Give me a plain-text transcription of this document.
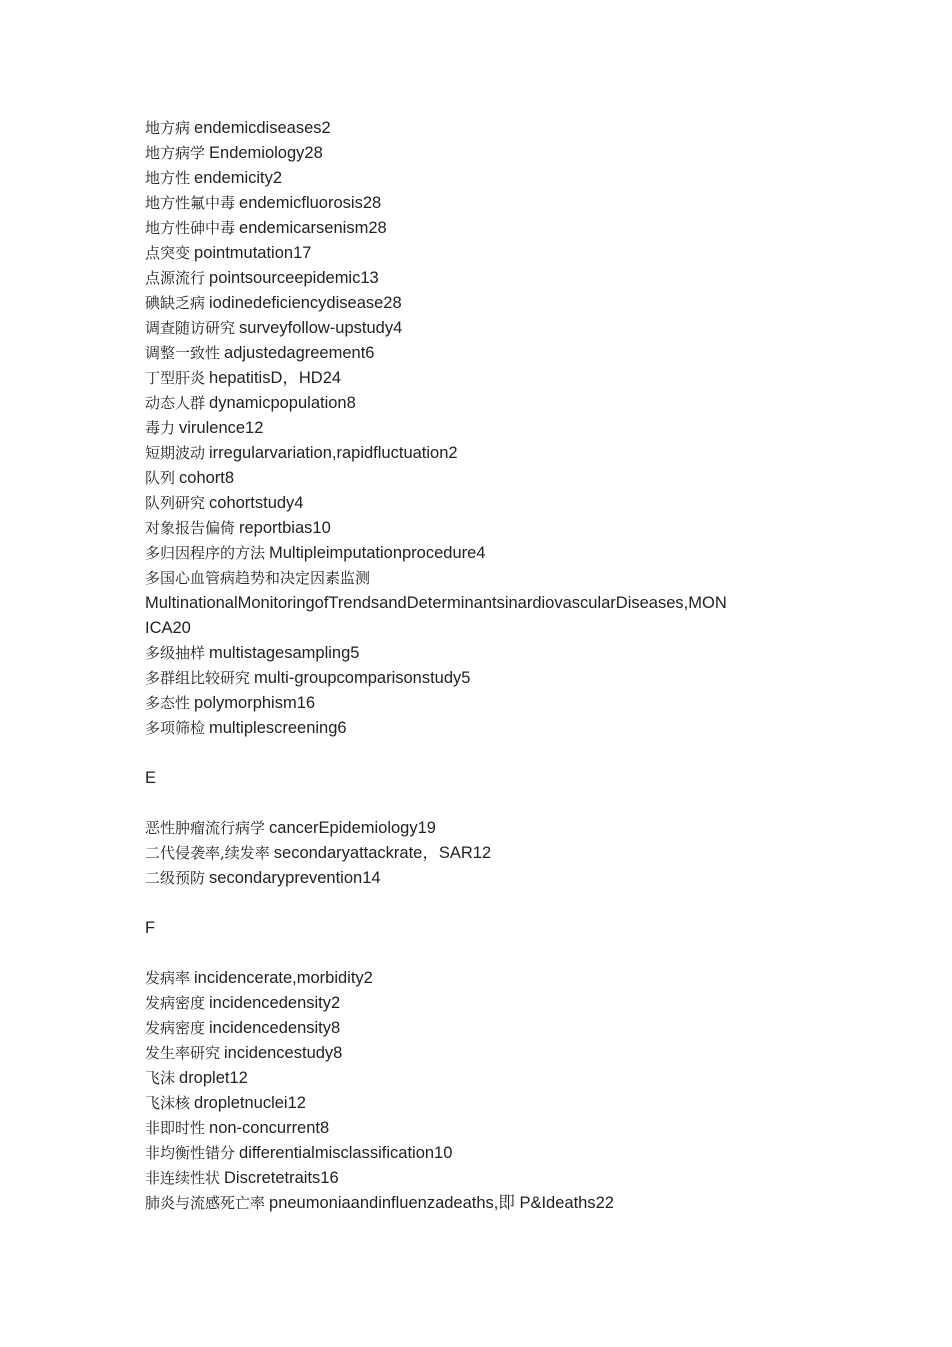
地方病 endemicdiseases2
地方病学 Endemiology28
地方性 endemicity2
地方性氟中毒 endemicfluorosis28
地方性砷中毒 endemicarsenism28
点突变 pointmutation17
点源流行 pointsourceepidemic13
碘缺乏病 iodinedeficiencydisease28
调查随访研究 surveyfollow-upstudy4
调整一致性 adjustedagreement6
丁型肝炎 hepatitisD，HD24
动态人群 dynamicpopulation8
毒力 virulence12
短期波动 irregularvariation,rapidfluctuation2
队列 cohort8
队列研究 cohortstudy4
对象报告偏倚 reportbias10
多归因程序的方法 Multipleimputationprocedure4
多国心血管病趋势和决定因素监测
MultinationalMonitoringofTrendsandDeterminantsinardiovascularDiseases,MON
ICA20
多级抽样 multistagesampling5
多群组比较研究 multi-groupcomparisonstudy5
多态性 polymorphism16
多项筛检 multiplescreening6
E
恶性肿瘤流行病学 cancerEpidemiology19
二代侵袭率,续发率 secondaryattackrate，SAR12
二级预防 secondaryprevention14
F
发病率 incidencerate,morbidity2
发病密度 incidencedensity2
发病密度 incidencedensity8
发生率研究 incidencestudy8
飞沫 droplet12
飞沫核 dropletnuclei12
非即时性 non-concurrent8
非均衡性错分 differentialmisclassification10
非连续性状 Discretetraits16
肺炎与流感死亡率 pneumoniaandinfluenzadeaths,即 P&Ideaths22
